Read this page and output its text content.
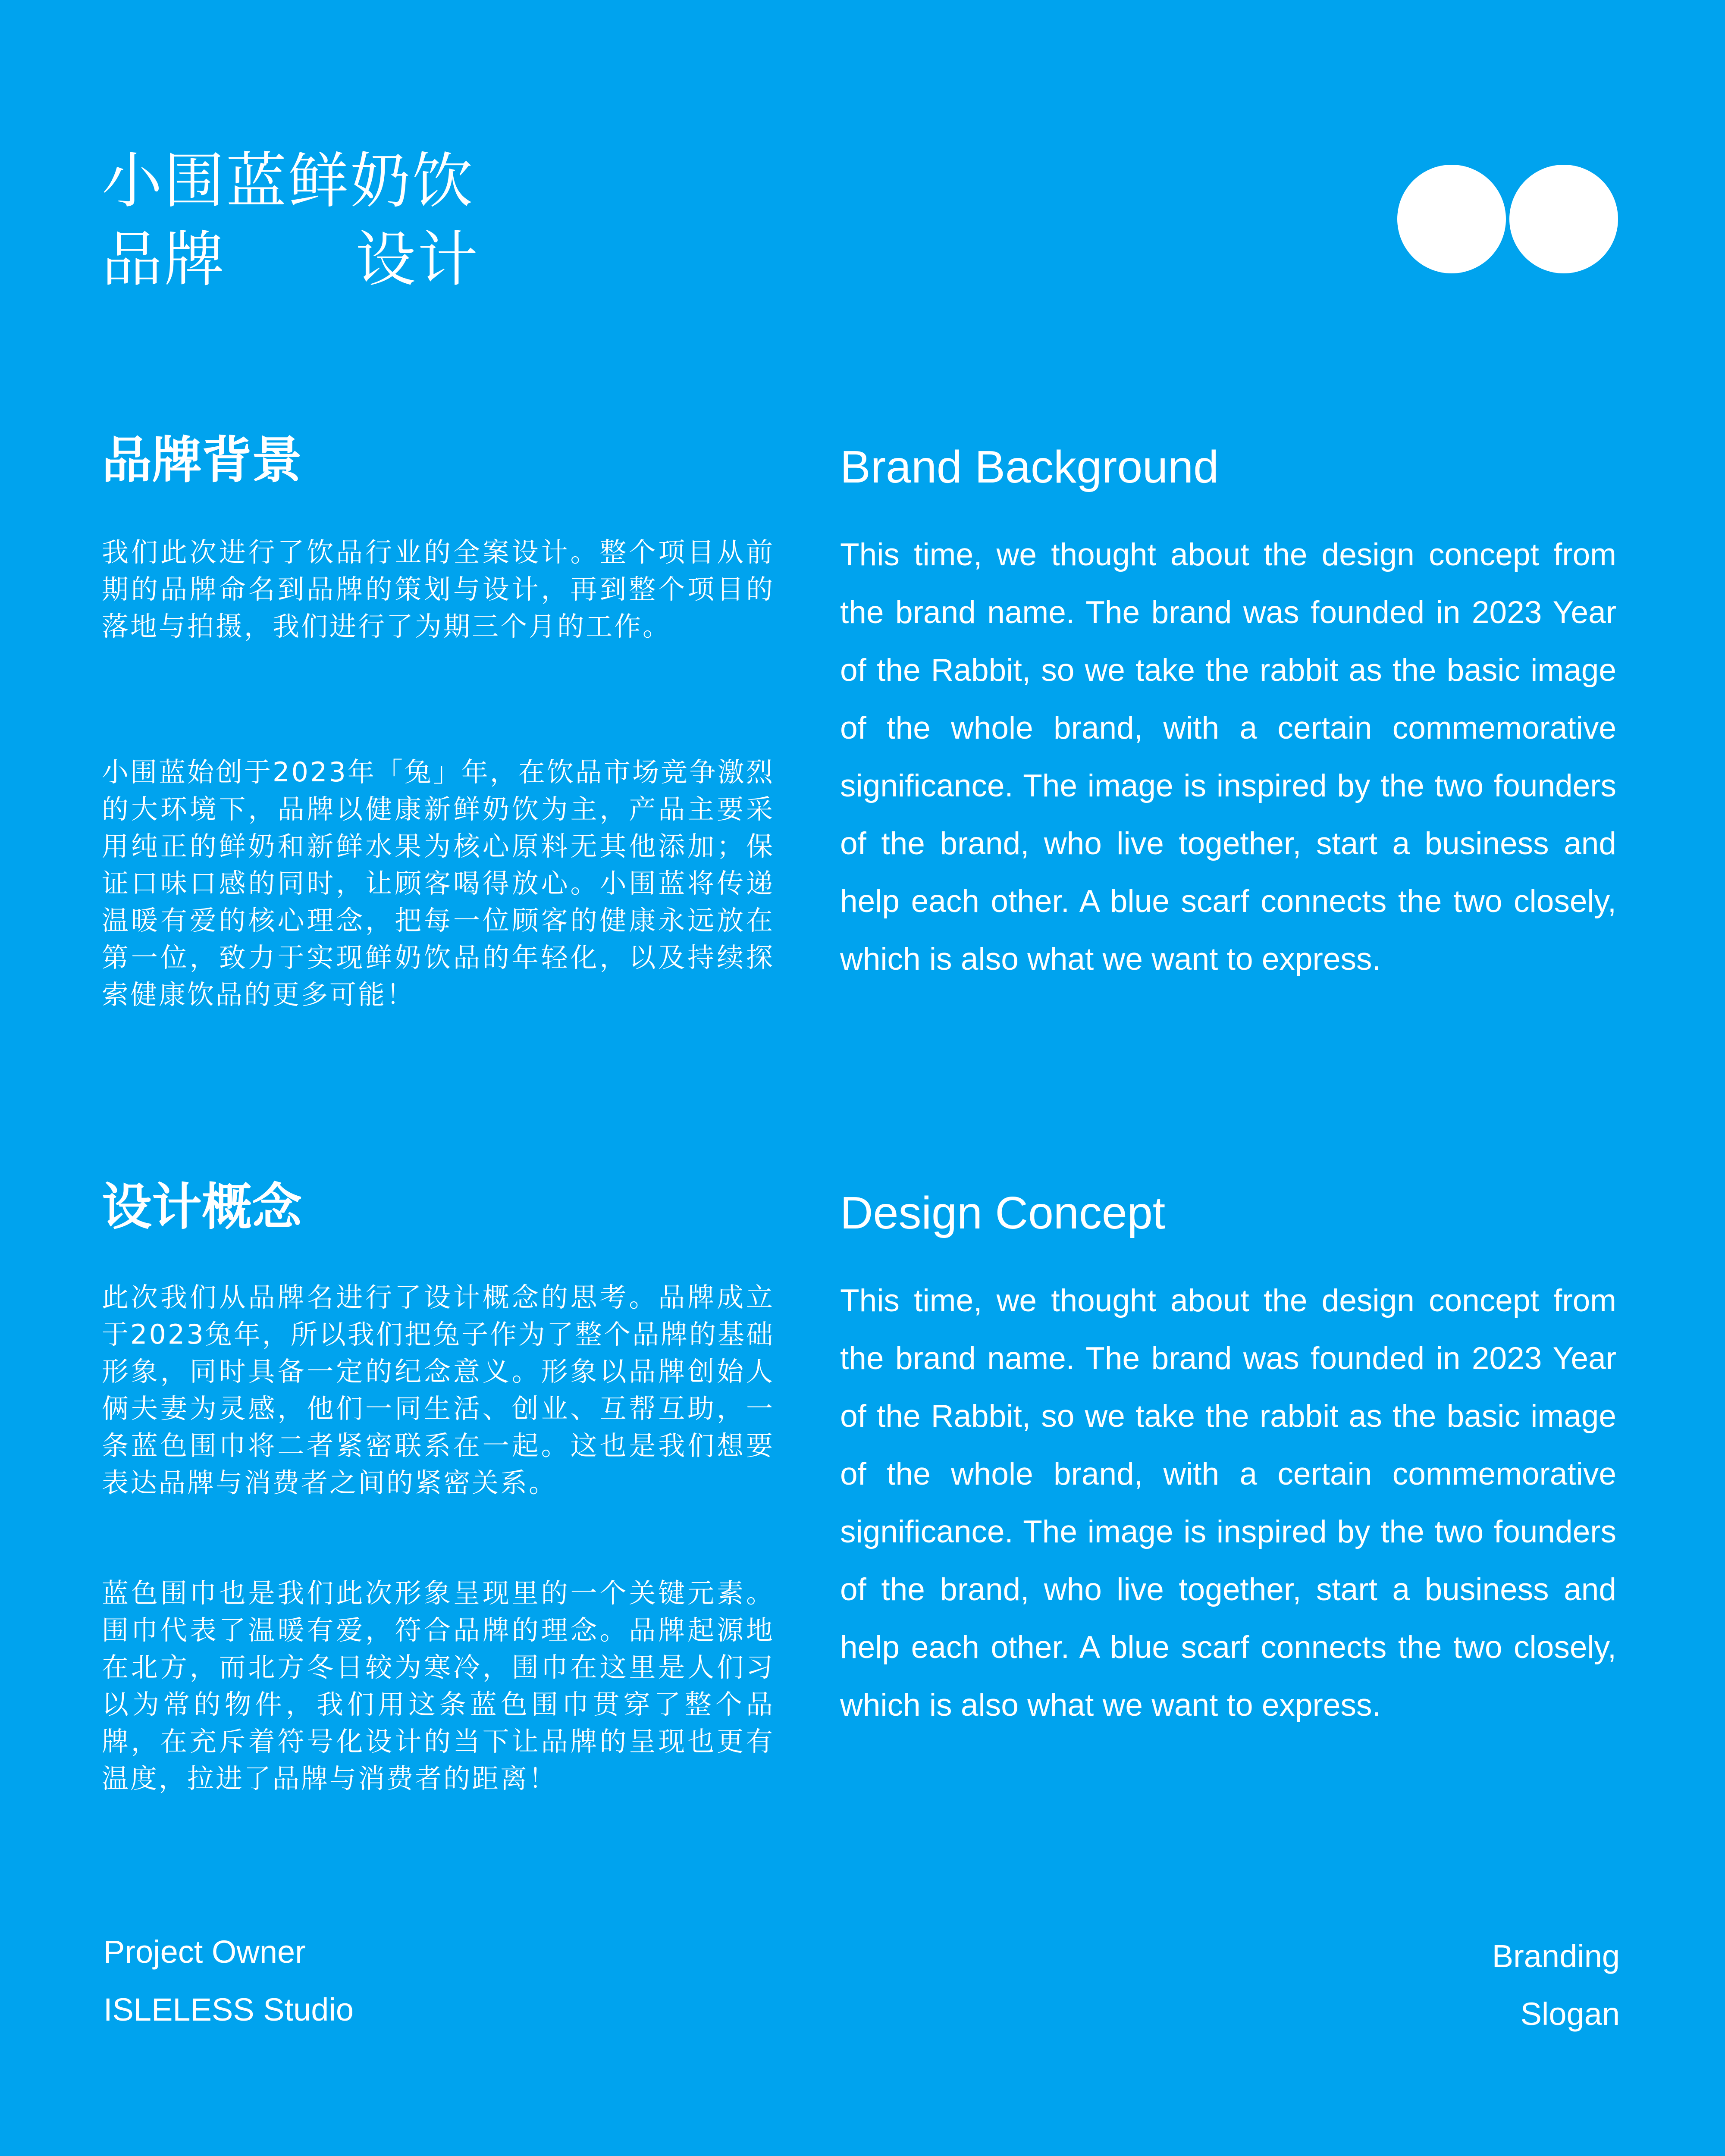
小围蓝鲜奶饮
品牌 设计
品牌背景
我们此次进行了饮品行业的全案设计。整个项目从前期的品牌命名到品牌的策划与设计，再到整个项目的落地与拍摄，我们进行了为期三个月的工作。
小围蓝始创于2023年「兔」年，在饮品市场竞争激烈的大环境下，品牌以健康新鲜奶饮为主，产品主要采用纯正的鲜奶和新鲜水果为核心原料无其他添加；保证口味口感的同时，让顾客喝得放心。小围蓝将传递温暖有爱的核心理念，把每一位顾客的健康永远放在第一位，致力于实现鲜奶饮品的年轻化，以及持续探索健康饮品的更多可能！
Brand Background
This time, we thought about the design concept from the brand name. The brand was founded in 2023 Year of the Rabbit, so we take the rabbit as the basic image of the whole brand, with a certain commemorative significance. The image is inspired by the two founders of the brand, who live together, start a business and help each other. A blue scarf connects the two closely, which is also what we want to express.
设计概念
此次我们从品牌名进行了设计概念的思考。品牌成立于2023兔年，所以我们把兔子作为了整个品牌的基础形象，同时具备一定的纪念意义。形象以品牌创始人俩夫妻为灵感，他们一同生活、创业、互帮互助，一条蓝色围巾将二者紧密联系在一起。这也是我们想要表达品牌与消费者之间的紧密关系。
蓝色围巾也是我们此次形象呈现里的一个关键元素。围巾代表了温暖有爱，符合品牌的理念。品牌起源地在北方，而北方冬日较为寒冷，围巾在这里是人们习以为常的物件，我们用这条蓝色围巾贯穿了整个品牌，在充斥着符号化设计的当下让品牌的呈现也更有温度，拉进了品牌与消费者的距离！
Design Concept
This time, we thought about the design concept from the brand name. The brand was founded in 2023 Year of the Rabbit, so we take the rabbit as the basic image of the whole brand, with a certain commemorative significance. The image is inspired by the two founders of the brand, who live together, start a business and help each other. A blue scarf connects the two closely, which is also what we want to express.
Project Owner
ISLELESS Studio
Branding
Slogan
